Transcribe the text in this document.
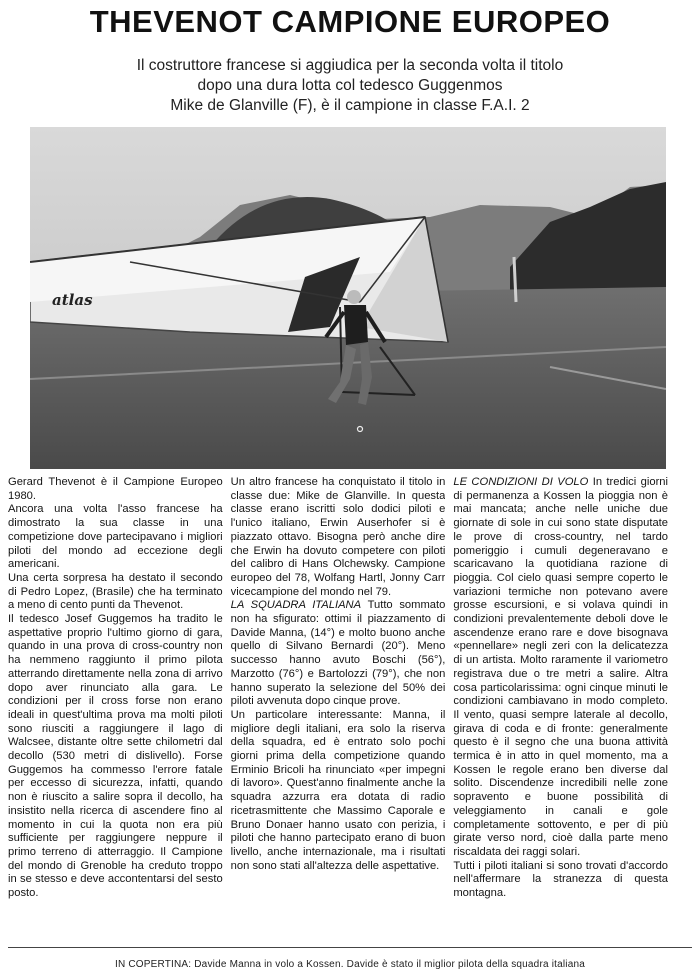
THEVENOT CAMPIONE EUROPEO
Il costruttore francese si aggiudica per la seconda volta il titolo
dopo una dura lotta col tedesco Guggenmos
Mike de Glanville (F), è il campione in classe F.A.I. 2
atlas

Gerard Thevenot è il Campione Europeo 1980.

Ancora una volta l'asso francese ha dimostrato la sua classe in una competizione dove partecipavano i migliori piloti del mondo ad eccezione degli americani.

Una certa sorpresa ha destato il secondo di Pedro Lopez, (Brasile) che ha terminato a meno di cento punti da Thevenot.

Il tedesco Josef Guggemos ha tradito le aspettative proprio l'ultimo giorno di gara, quando in una prova di cross-country non ha nemmeno raggiunto il primo pilota atterrando direttamente nella zona di arrivo dopo aver rinunciato alla gara. Le condizioni per il cross forse non erano ideali in quest'ultima prova ma molti piloti sono riusciti a raggiungere il lago di Walcsee, distante oltre sette chilometri dal decollo (530 metri di dislivello). Forse Guggemos ha commesso l'errore fatale per eccesso di sicurezza, infatti, quando non è riuscito a salire sopra il decollo, ha insistito nella ricerca di ascendere fino al momento in cui la quota non era più sufficiente per raggiungere neppure il primo terreno di atterraggio. Il Campione del mondo di Grenoble ha creduto troppo in se stesso e deve accontentarsi del sesto posto.

Un altro francese ha conquistato il titolo in classe due: Mike de Glanville. In questa classe erano iscritti solo dodici piloti e l'unico italiano, Erwin Auserhofer si è piazzato ottavo. Bisogna però anche dire che Erwin ha dovuto competere con piloti del calibro di Hans Olchewsky. Campione europeo del 78, Wolfang Hartl, Jonny Carr vicecampione del mondo nel 79.

LA SQUADRA ITALIANA Tutto sommato non ha sfigurato: ottimi il piazzamento di Davide Manna, (14°) e molto buono anche quello di Silvano Bernardi (20°). Meno successo hanno avuto Boschi (56°), Marzotto (76°) e Bartolozzi (79°), che non hanno superato la selezione del 50% dei piloti avvenuta dopo cinque prove.

Un particolare interessante: Manna, il migliore degli italiani, era solo la riserva della squadra, ed è entrato solo pochi giorni prima della competizione quando Erminio Bricoli ha rinunciato «per impegni di lavoro». Quest'anno finalmente anche la squadra azzurra era dotata di radio ricetrasmittente che Massimo Caporale e Bruno Donaer hanno usato con perizia, i piloti che hanno partecipato erano di buon livello, anche internazionale, ma i risultati non sono stati all'altezza delle aspettative.

LE CONDIZIONI DI VOLO In tredici giorni di permanenza a Kossen la pioggia non è mai mancata; anche nelle uniche due giornate di sole in cui sono state disputate le prove di cross-country, nel tardo pomeriggio i cumuli degeneravano e scaricavano la quotidiana razione di pioggia. Col cielo quasi sempre coperto le variazioni termiche non potevano avere grosse escursioni, e si volava quindi in condizioni prevalentemente deboli dove le ascendenze erano rare e dove bisognava «pennellare» negli zeri con la delicatezza di un artista. Molto raramente il variometro registrava due o tre metri a salire. Altra cosa particolarissima: ogni cinque minuti le condizioni cambiavano in modo completo. Il vento, quasi sempre laterale al decollo, girava di coda e di fronte: generalmente questo è il segno che una buona attività termica è in atto in quel momento, ma a Kossen le regole erano ben diverse dal solito. Discendenze incredibili nelle zone sopravento e buone possibilità di veleggiamento in canali e gole completamente sottovento, e per di più girate verso nord, cioè dalla parte meno riscaldata dei raggi solari.

Tutti i piloti italiani si sono trovati d'accordo nell'affermare la stranezza di questa montagna.

IN COPERTINA: Davide Manna in volo a Kossen. Davide è stato il miglior pilota della squadra italiana
